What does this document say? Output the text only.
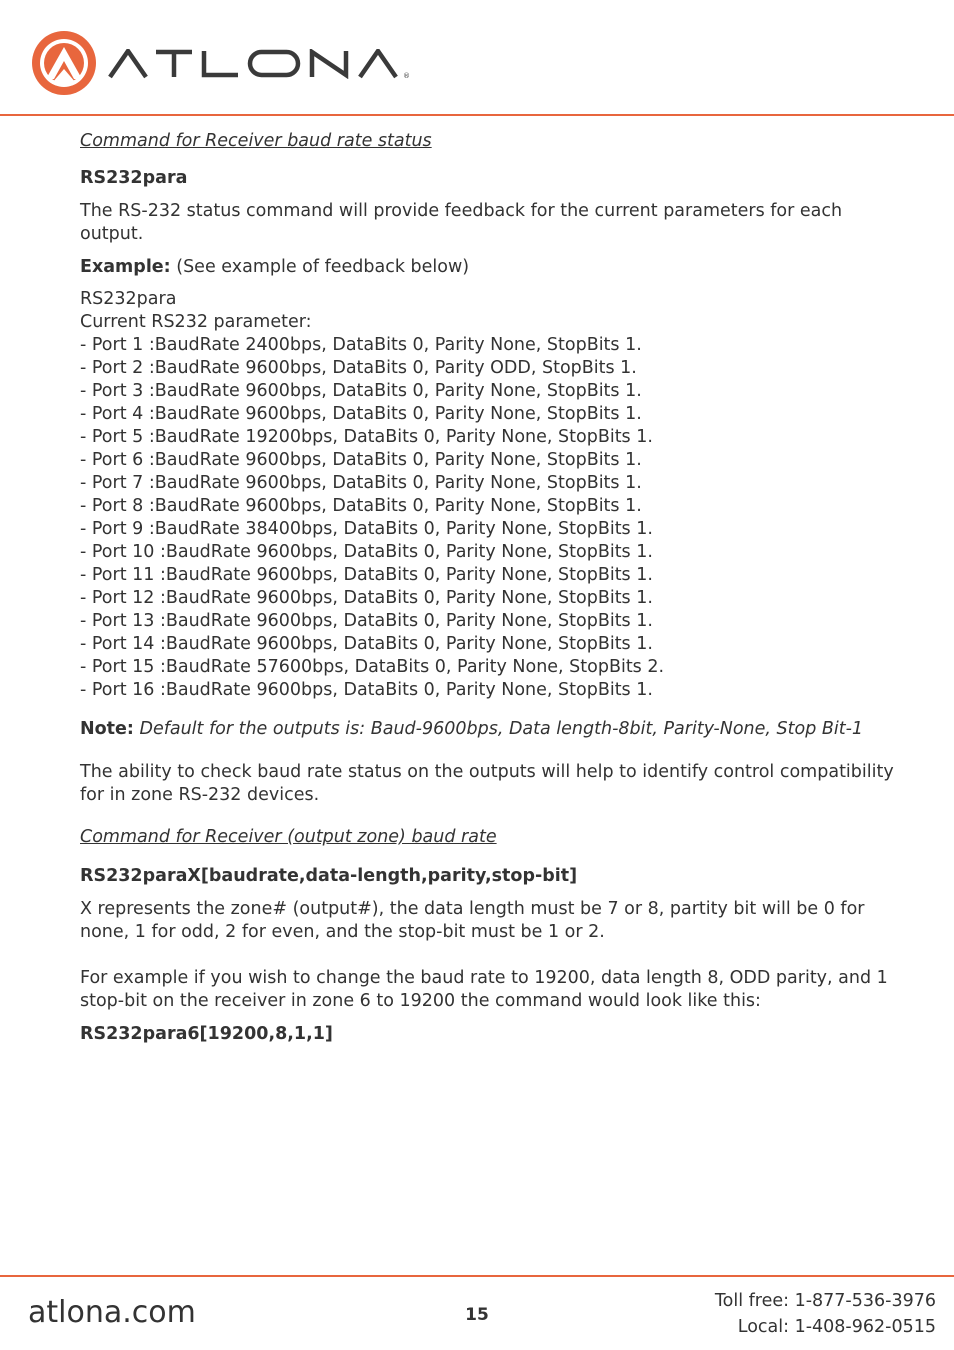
®

Command for Receiver baud rate status

RS232para

The RS-232 status command will provide feedback for the current parameters for each output.

Example: (See example of feedback below)

RS232para

Current RS232 parameter:

- Port 1 :BaudRate 2400bps, DataBits 0, Parity None, StopBits 1.

- Port 2 :BaudRate 9600bps, DataBits 0, Parity ODD, StopBits 1.

- Port 3 :BaudRate 9600bps, DataBits 0, Parity None, StopBits 1.

- Port 4 :BaudRate 9600bps, DataBits 0, Parity None, StopBits 1.

- Port 5 :BaudRate 19200bps, DataBits 0, Parity None, StopBits 1.

- Port 6 :BaudRate 9600bps, DataBits 0, Parity None, StopBits 1.

- Port 7 :BaudRate 9600bps, DataBits 0, Parity None, StopBits 1.

- Port 8 :BaudRate 9600bps, DataBits 0, Parity None, StopBits 1.

- Port 9 :BaudRate 38400bps, DataBits 0, Parity None, StopBits 1.

- Port 10 :BaudRate 9600bps, DataBits 0, Parity None, StopBits 1.

- Port 11 :BaudRate 9600bps, DataBits 0, Parity None, StopBits 1.

- Port 12 :BaudRate 9600bps, DataBits 0, Parity None, StopBits 1.

- Port 13 :BaudRate 9600bps, DataBits 0, Parity None, StopBits 1.

- Port 14 :BaudRate 9600bps, DataBits 0, Parity None, StopBits 1.

- Port 15 :BaudRate 57600bps, DataBits 0, Parity None, StopBits 2.

- Port 16 :BaudRate 9600bps, DataBits 0, Parity None, StopBits 1.

Note: Default for the outputs is: Baud-9600bps, Data length-8bit, Parity-None, Stop Bit-1

The ability to check baud rate status on the outputs will help to identify control compatibility for in zone RS-232 devices.

Command for Receiver (output zone) baud rate

RS232paraX[baudrate,data-length,parity,stop-bit]

X represents the zone# (output#), the data length must be 7 or 8, partity bit will be 0 for none, 1 for odd, 2 for even, and the stop-bit must be 1 or 2.

For example if you wish to change the baud rate to 19200, data length 8, ODD parity, and 1 stop-bit on the receiver in zone 6 to 19200 the command would look like this:

RS232para6[19200,8,1,1]

atlona.com	15
Toll free: 1-877-536-3976
Local: 1-408-962-0515
